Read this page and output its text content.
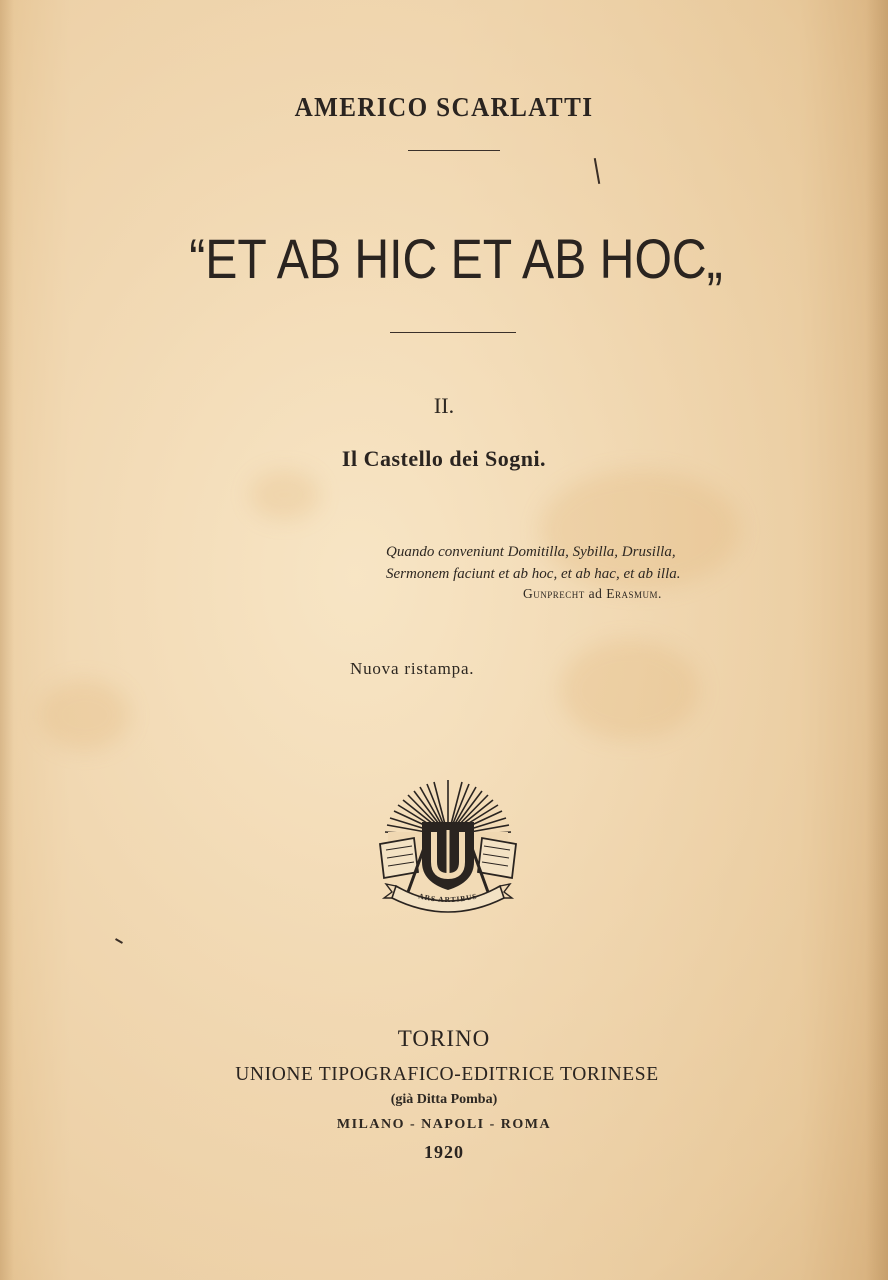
AMERICO SCARLATTI
“ET AB HIC ET AB HOC„
II.
Il Castello dei Sogni.
Quando conveniunt Domitilla, Sybilla, Drusilla,
Sermonem faciunt et ab hoc, et ab hac, et ab illa.
Gunprecht ad Erasmum.
Nuova ristampa.
ARS ARTIBUS
TORINO
UNIONE TIPOGRAFICO-EDITRICE TORINESE
(già Ditta Pomba)
MILANO - NAPOLI - ROMA
1920
